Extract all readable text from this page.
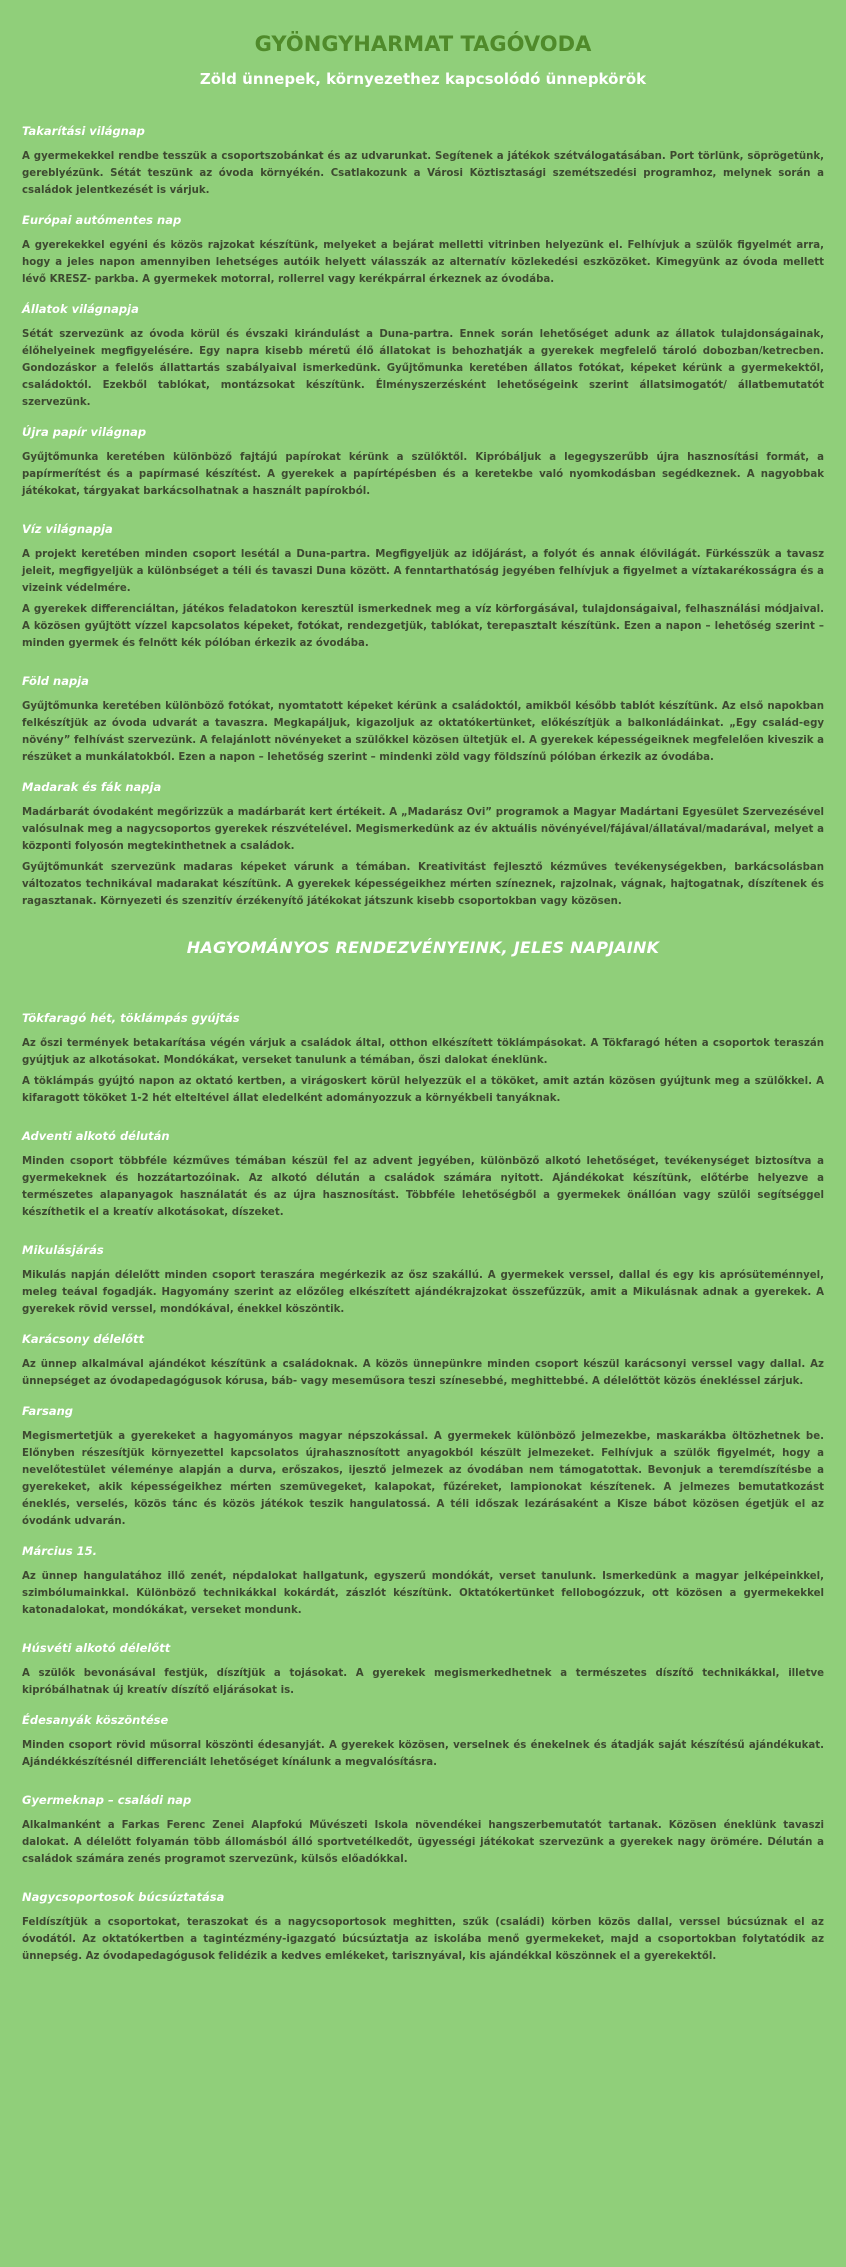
GYÖNGYHARMAT TAGÓVODA
Zöld ünnepek, környezethez kapcsolódó ünnepkörök
Takarítási világnap
A gyermekekkel rendbe tesszük a csoportszobánkat és az udvarunkat. Segítenek a játékok szétválogatásában. Port törlünk, söprögetünk, gereblyézünk. Sétát teszünk az óvoda környékén. Csatlakozunk a Városi Köztisztasági szemétszedési programhoz, melynek során a családok jelentkezését is várjuk.
Európai autómentes nap
A gyerekekkel egyéni és közös rajzokat készítünk, melyeket a bejárat melletti vitrinben helyezünk el. Felhívjuk a szülők figyelmét arra, hogy a jeles napon amennyiben lehetséges autóik helyett válasszák az alternatív közlekedési eszközöket. Kimegyünk az óvoda mellett lévő KRESZ- parkba. A gyermekek motorral, rollerrel vagy kerékpárral érkeznek az óvodába.
Állatok világnapja
Sétát szervezünk az óvoda körül és évszaki kirándulást a Duna-partra. Ennek során lehetőséget adunk az állatok tulajdonságainak, élőhelyeinek megfigyelésére. Egy napra kisebb méretű élő állatokat is behozhatják a gyerekek megfelelő tároló dobozban/ketrecben. Gondozáskor a felelős állattartás szabályaival ismerkedünk. Gyűjtőmunka keretében állatos fotókat, képeket kérünk a gyermekektől, családoktól. Ezekből tablókat, montázsokat készítünk. Élményszerzésként lehetőségeink szerint állatsimogatót/ állatbemutatót szervezünk.
Újra papír világnap
Gyűjtőmunka keretében különböző fajtájú papírokat kérünk a szülőktől. Kipróbáljuk a legegyszerűbb újra hasznosítási formát, a papírmerítést és a papírmasé készítést. A gyerekek a papírtépésben és a keretekbe való nyomkodásban segédkeznek. A nagyobbak játékokat, tárgyakat barkácsolhatnak a használt papírokból.
Víz világnapja
A projekt keretében minden csoport lesétál a Duna-partra. Megfigyeljük az időjárást, a folyót és annak élővilágát. Fürkésszük a tavasz jeleit, megfigyeljük a különbséget a téli és tavaszi Duna között. A fenntarthatóság jegyében felhívjuk a figyelmet a víztakarékosságra és a vizeink védelmére.
A gyerekek differenciáltan, játékos feladatokon keresztül ismerkednek meg a víz körforgásával, tulajdonságaival, felhasználási módjaival. A közösen gyűjtött vízzel kapcsolatos képeket, fotókat, rendezgetjük, tablókat, terepasztalt készítünk. Ezen a napon – lehetőség szerint – minden gyermek és felnőtt kék pólóban érkezik az óvodába.
Föld napja
Gyűjtőmunka keretében különböző fotókat, nyomtatott képeket kérünk a családoktól, amikből később tablót készítünk. Az első napokban felkészítjük az óvoda udvarát a tavaszra. Megkapáljuk, kigazoljuk az oktatókertünket, előkészítjük a balkonládáinkat. „Egy család-egy növény” felhívást szervezünk. A felajánlott növényeket a szülőkkel közösen ültetjük el. A gyerekek képességeiknek megfelelően kiveszik a részüket a munkálatokból. Ezen a napon – lehetőség szerint – mindenki zöld vagy földszínű pólóban érkezik az óvodába.
Madarak és fák napja
Madárbarát óvodaként megőrizzük a madárbarát kert értékeit. A „Madarász Ovi” programok a Magyar Madártani Egyesület Szervezésével valósulnak meg a nagycsoportos gyerekek részvételével. Megismerkedünk az év aktuális növényével/fájával/állatával/madarával, melyet a központi folyosón megtekinthetnek a családok.
Gyűjtőmunkát szervezünk madaras képeket várunk a témában. Kreativitást fejlesztő kézműves tevékenységekben, barkácsolásban változatos technikával madarakat készítünk. A gyerekek képességeikhez mérten színeznek, rajzolnak, vágnak, hajtogatnak, díszítenek és ragasztanak. Környezeti és szenzitív érzékenyítő játékokat játszunk kisebb csoportokban vagy közösen.
HAGYOMÁNYOS RENDEZVÉNYEINK, JELES NAPJAINK
Tökfaragó hét, töklámpás gyújtás
Az őszi termények betakarítása végén várjuk a családok által, otthon elkészített töklámpásokat. A Tökfaragó héten a csoportok teraszán gyújtjuk az alkotásokat. Mondókákat, verseket tanulunk a témában, őszi dalokat éneklünk.
A töklámpás gyújtó napon az oktató kertben, a virágoskert körül helyezzük el a tököket, amit aztán közösen gyújtunk meg a szülőkkel. A kifaragott tököket 1-2 hét elteltével állat eledelként adományozzuk a környékbeli tanyáknak.
Adventi alkotó délután
Minden csoport többféle kézműves témában készül fel az advent jegyében, különböző alkotó lehetőséget, tevékenységet biztosítva a gyermekeknek és hozzátartozóinak. Az alkotó délután a családok számára nyitott. Ajándékokat készítünk, előtérbe helyezve a természetes alapanyagok használatát és az újra hasznosítást. Többféle lehetőségből a gyermekek önállóan vagy szülői segítséggel készíthetik el a kreatív alkotásokat, díszeket.
Mikulásjárás
Mikulás napján délelőtt minden csoport teraszára megérkezik az ősz szakállú. A gyermekek verssel, dallal és egy kis aprósüteménnyel, meleg teával fogadják. Hagyomány szerint az előzőleg elkészített ajándékrajzokat összefűzzük, amit a Mikulásnak adnak a gyerekek. A gyerekek rövid verssel, mondókával, énekkel köszöntik.
Karácsony délelőtt
Az ünnep alkalmával ajándékot készítünk a családoknak. A közös ünnepünkre minden csoport készül karácsonyi verssel vagy dallal. Az ünnepséget az óvodapedagógusok kórusa, báb- vagy meseműsora teszi színesebbé, meghittebbé. A délelőttöt közös énekléssel zárjuk.
Farsang
Megismertetjük a gyerekeket a hagyományos magyar népszokással. A gyermekek különböző jelmezekbe, maskarákba öltözhetnek be. Előnyben részesítjük környezettel kapcsolatos újrahasznosított anyagokból készült jelmezeket. Felhívjuk a szülők figyelmét, hogy a nevelőtestület véleménye alapján a durva, erőszakos, ijesztő jelmezek az óvodában nem támogatottak. Bevonjuk a teremdíszítésbe a gyerekeket, akik képességeikhez mérten szemüvegeket, kalapokat, fűzéreket, lampionokat készítenek. A jelmezes bemutatkozást éneklés, verselés, közös tánc és közös játékok teszik hangulatossá. A téli időszak lezárásaként a Kisze bábot közösen égetjük el az óvodánk udvarán.
Március 15.
Az ünnep hangulatához illő zenét, népdalokat hallgatunk, egyszerű mondókát, verset tanulunk. Ismerkedünk a magyar jelképeinkkel, szimbólumainkkal. Különböző technikákkal kokárdát, zászlót készítünk. Oktatókertünket fellobogózzuk, ott közösen a gyermekekkel katonadalokat, mondókákat, verseket mondunk.
Húsvéti alkotó délelőtt
A szülők bevonásával festjük, díszítjük a tojásokat. A gyerekek megismerkedhetnek a természetes díszítő technikákkal, illetve kipróbálhatnak új kreatív díszítő eljárásokat is.
Édesanyák köszöntése
Minden csoport rövid műsorral köszönti édesanyját. A gyerekek közösen, verselnek és énekelnek és átadják saját készítésű ajándékukat. Ajándékkészítésnél differenciált lehetőséget kínálunk a megvalósításra.
Gyermeknap – családi nap
Alkalmanként a Farkas Ferenc Zenei Alapfokú Művészeti Iskola növendékei hangszerbemutatót tartanak. Közösen éneklünk tavaszi dalokat. A délelőtt folyamán több állomásból álló sportvetélkedőt, ügyességi játékokat szervezünk a gyerekek nagy örömére. Délután a családok számára zenés programot szervezünk, külsős előadókkal.
Nagycsoportosok búcsúztatása
Feldíszítjük a csoportokat, teraszokat és a nagycsoportosok meghitten, szűk (családi) körben közös dallal, verssel búcsúznak el az óvodától. Az oktatókertben a tagintézmény-igazgató búcsúztatja az iskolába menő gyermekeket, majd a csoportokban folytatódik az ünnepség. Az óvodapedagógusok felidézik a kedves emlékeket, tarisznyával, kis ajándékkal köszönnek el a gyerekektől.
